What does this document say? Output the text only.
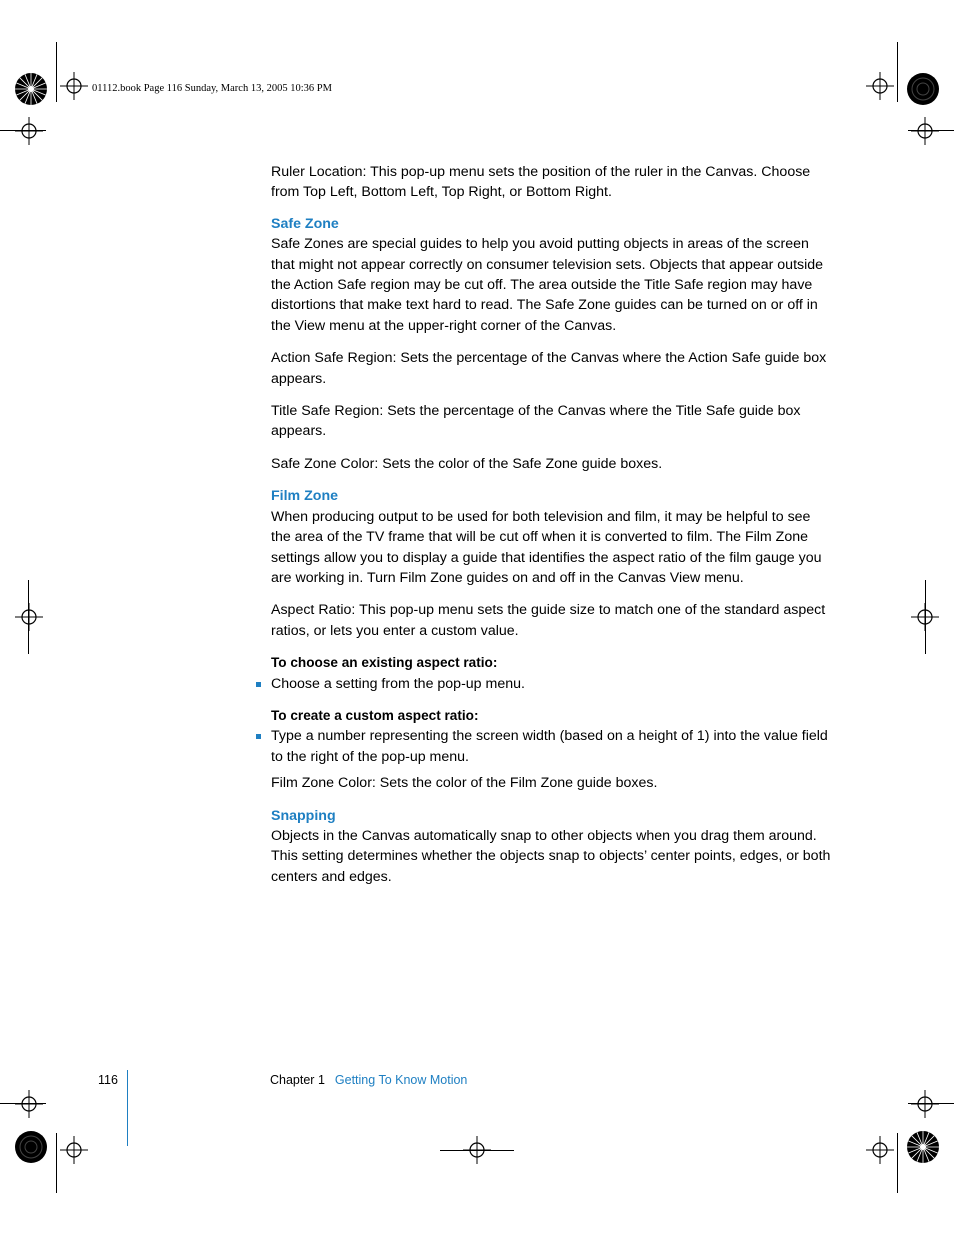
01112.book Page 116 Sunday, March 13, 2005 10:36 PM

Ruler Location: This pop-up menu sets the position of the ruler in the Canvas. Choose from Top Left, Bottom Left, Top Right, or Bottom Right.

Safe Zone

Safe Zones are special guides to help you avoid putting objects in areas of the screen that might not appear correctly on consumer television sets. Objects that appear outside the Action Safe region may be cut off. The area outside the Title Safe region may have distortions that make text hard to read. The Safe Zone guides can be turned on or off in the View menu at the upper-right corner of the Canvas.

Action Safe Region: Sets the percentage of the Canvas where the Action Safe guide box appears.

Title Safe Region: Sets the percentage of the Canvas where the Title Safe guide box appears.

Safe Zone Color: Sets the color of the Safe Zone guide boxes.

Film Zone

When producing output to be used for both television and film, it may be helpful to see the area of the TV frame that will be cut off when it is converted to film. The Film Zone settings allow you to display a guide that identifies the aspect ratio of the film gauge you are working in. Turn Film Zone guides on and off in the Canvas View menu.

Aspect Ratio: This pop-up menu sets the guide size to match one of the standard aspect ratios, or lets you enter a custom value.

To choose an existing aspect ratio:

Choose a setting from the pop-up menu.

To create a custom aspect ratio:

Type a number representing the screen width (based on a height of 1) into the value field to the right of the pop-up menu.

Film Zone Color: Sets the color of the Film Zone guide boxes.

Snapping

Objects in the Canvas automatically snap to other objects when you drag them around. This setting determines whether the objects snap to objects’ center points, edges, or both centers and edges.

116	Chapter 1 Getting To Know Motion
